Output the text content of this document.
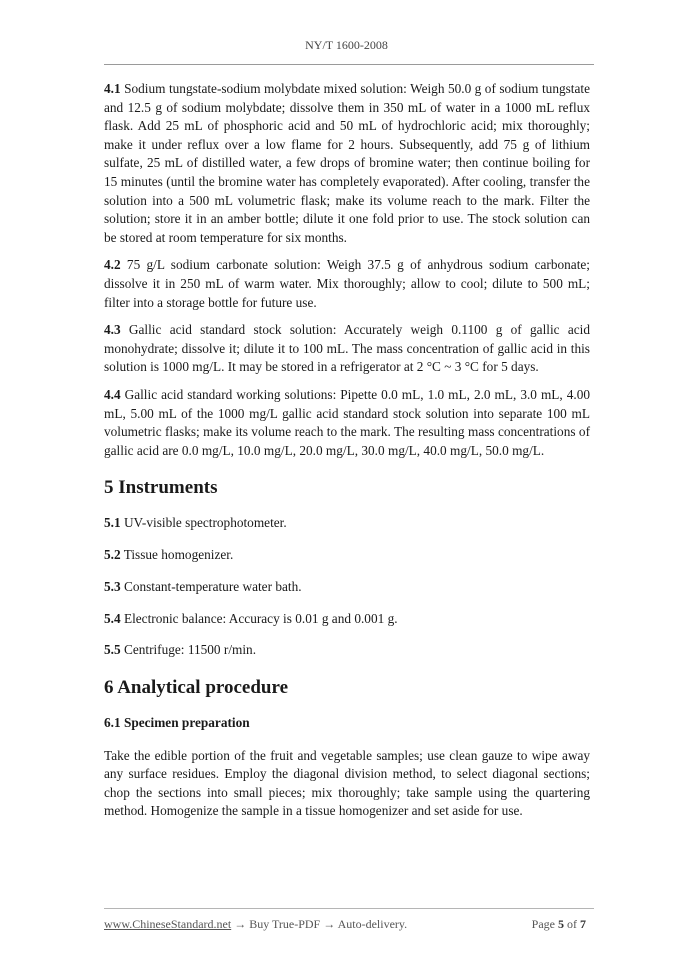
NY/T 1600-2008

4.1 Sodium tungstate-sodium molybdate mixed solution: Weigh 50.0 g of sodium tungstate and 12.5 g of sodium molybdate; dissolve them in 350 mL of water in a 1000 mL reflux flask. Add 25 mL of phosphoric acid and 50 mL of hydrochloric acid; mix thoroughly; make it under reflux over a low flame for 2 hours. Subsequently, add 75 g of lithium sulfate, 25 mL of distilled water, a few drops of bromine water; then continue boiling for 15 minutes (until the bromine water has completely evaporated). After cooling, transfer the solution into a 500 mL volumetric flask; make its volume reach to the mark. Filter the solution; store it in an amber bottle; dilute it one fold prior to use. The stock solution can be stored at room temperature for six months.

4.2 75 g/L sodium carbonate solution: Weigh 37.5 g of anhydrous sodium carbonate; dissolve it in 250 mL of warm water. Mix thoroughly; allow to cool; dilute to 500 mL; filter into a storage bottle for future use.

4.3 Gallic acid standard stock solution: Accurately weigh 0.1100 g of gallic acid monohydrate; dissolve it; dilute it to 100 mL. The mass concentration of gallic acid in this solution is 1000 mg/L. It may be stored in a refrigerator at 2 °C ~ 3 °C for 5 days.

4.4 Gallic acid standard working solutions: Pipette 0.0 mL, 1.0 mL, 2.0 mL, 3.0 mL, 4.00 mL, 5.00 mL of the 1000 mg/L gallic acid standard stock solution into separate 100 mL volumetric flasks; make its volume reach to the mark. The resulting mass concentrations of gallic acid are 0.0 mg/L, 10.0 mg/L, 20.0 mg/L, 30.0 mg/L, 40.0 mg/L, 50.0 mg/L.

5 Instruments

5.1 UV-visible spectrophotometer.

5.2 Tissue homogenizer.

5.3 Constant-temperature water bath.

5.4 Electronic balance: Accuracy is 0.01 g and 0.001 g.

5.5 Centrifuge: 11500 r/min.

6 Analytical procedure
6.1 Specimen preparation

Take the edible portion of the fruit and vegetable samples; use clean gauze to wipe away any surface residues. Employ the diagonal division method, to select diagonal sections; chop the sections into small pieces; mix thoroughly; take sample using the quartering method. Homogenize the sample in a tissue homogenizer and set aside for use.

www.ChineseStandard.net → Buy True-PDF → Auto-delivery.	Page 5 of 7
